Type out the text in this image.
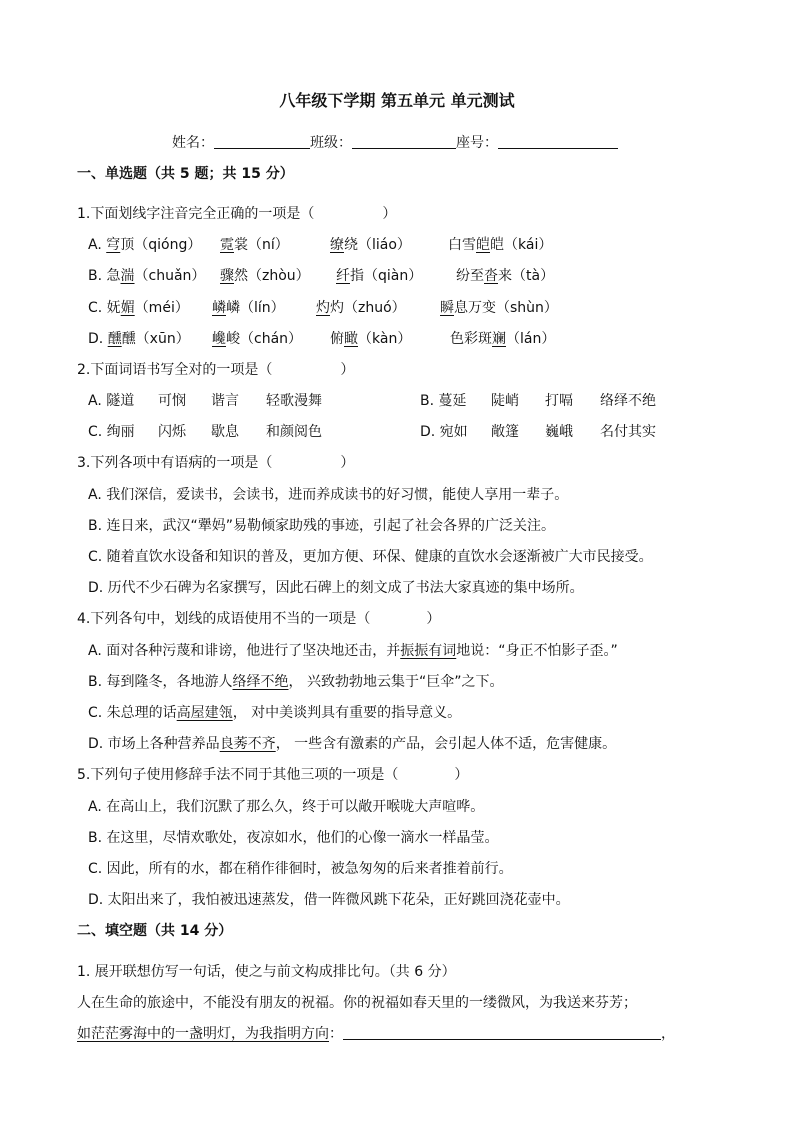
八年级下学期 第五单元 单元测试
姓名：	班级：	座号：
一、单选题（共 5 题；共 15 分）
1.下面划线字注音完全正确的一项是（	）
A. 穹顶（qióng） 霓裳（ní）	缭绕（liáo）	白雪皑皑（kái）
B. 急湍（chuǎn） 骤然（zhòu） 纤指（qiàn） 纷至沓来（tà）
C. 妩媚（méi） 嶙嶙（lín） 灼灼（zhuó） 瞬息万变（shùn）
D. 醺醺（xūn） 巉峻（chán） 俯瞰（kàn）	色彩斑斓（lán）
2.下面词语书写全对的一项是（	）
A. 隧道 可悯 谐言 轻歌漫舞	B. 蔓延 陡峭 打嗝 络绎不绝
C. 绚丽 闪烁 歇息 和颜阅色	D. 宛如 敞篷 巍峨 名付其实
3.下列各项中有语病的一项是（	）
A. 我们深信，爱读书，会读书，进而养成读书的好习惯，能使人享用一辈子。
B. 连日来，武汉“犟妈”易勒倾家助残的事迹，引起了社会各界的广泛关注。
C. 随着直饮水设备和知识的普及，更加方便、环保、健康的直饮水会逐渐被广大市民接受。
D. 历代不少石碑为名家撰写，因此石碑上的刻文成了书法大家真迹的集中场所。
4.下列各句中，划线的成语使用不当的一项是（	）
A. 面对各种污蔑和诽谤，他进行了坚决地还击，并振振有词地说：“身正不怕影子歪。”
B. 每到隆冬，各地游人络绎不绝， 兴致勃勃地云集于“巨伞”之下。
C. 朱总理的话高屋建瓴， 对中美谈判具有重要的指导意义。
D. 市场上各种营养品良莠不齐， 一些含有激素的产品，会引起人体不适，危害健康。
5.下列句子使用修辞手法不同于其他三项的一项是（	）
A. 在高山上，我们沉默了那么久，终于可以敞开喉咙大声喧哗。
B. 在这里，尽情欢歌处，夜凉如水，他们的心像一滴水一样晶莹。
C. 因此，所有的水，都在稍作徘徊时，被急匆匆的后来者推着前行。
D. 太阳出来了，我怕被迅速蒸发，借一阵微风跳下花朵，正好跳回浇花壶中。
二、填空题（共 14 分）
1. 展开联想仿写一句话，使之与前文构成排比句。（共 6 分）
人在生命的旅途中，不能没有朋友的祝福。你的祝福如春天里的一缕微风，为我送来芬芳；
如茫茫雾海中的一盏明灯，为我指明方向：	，
